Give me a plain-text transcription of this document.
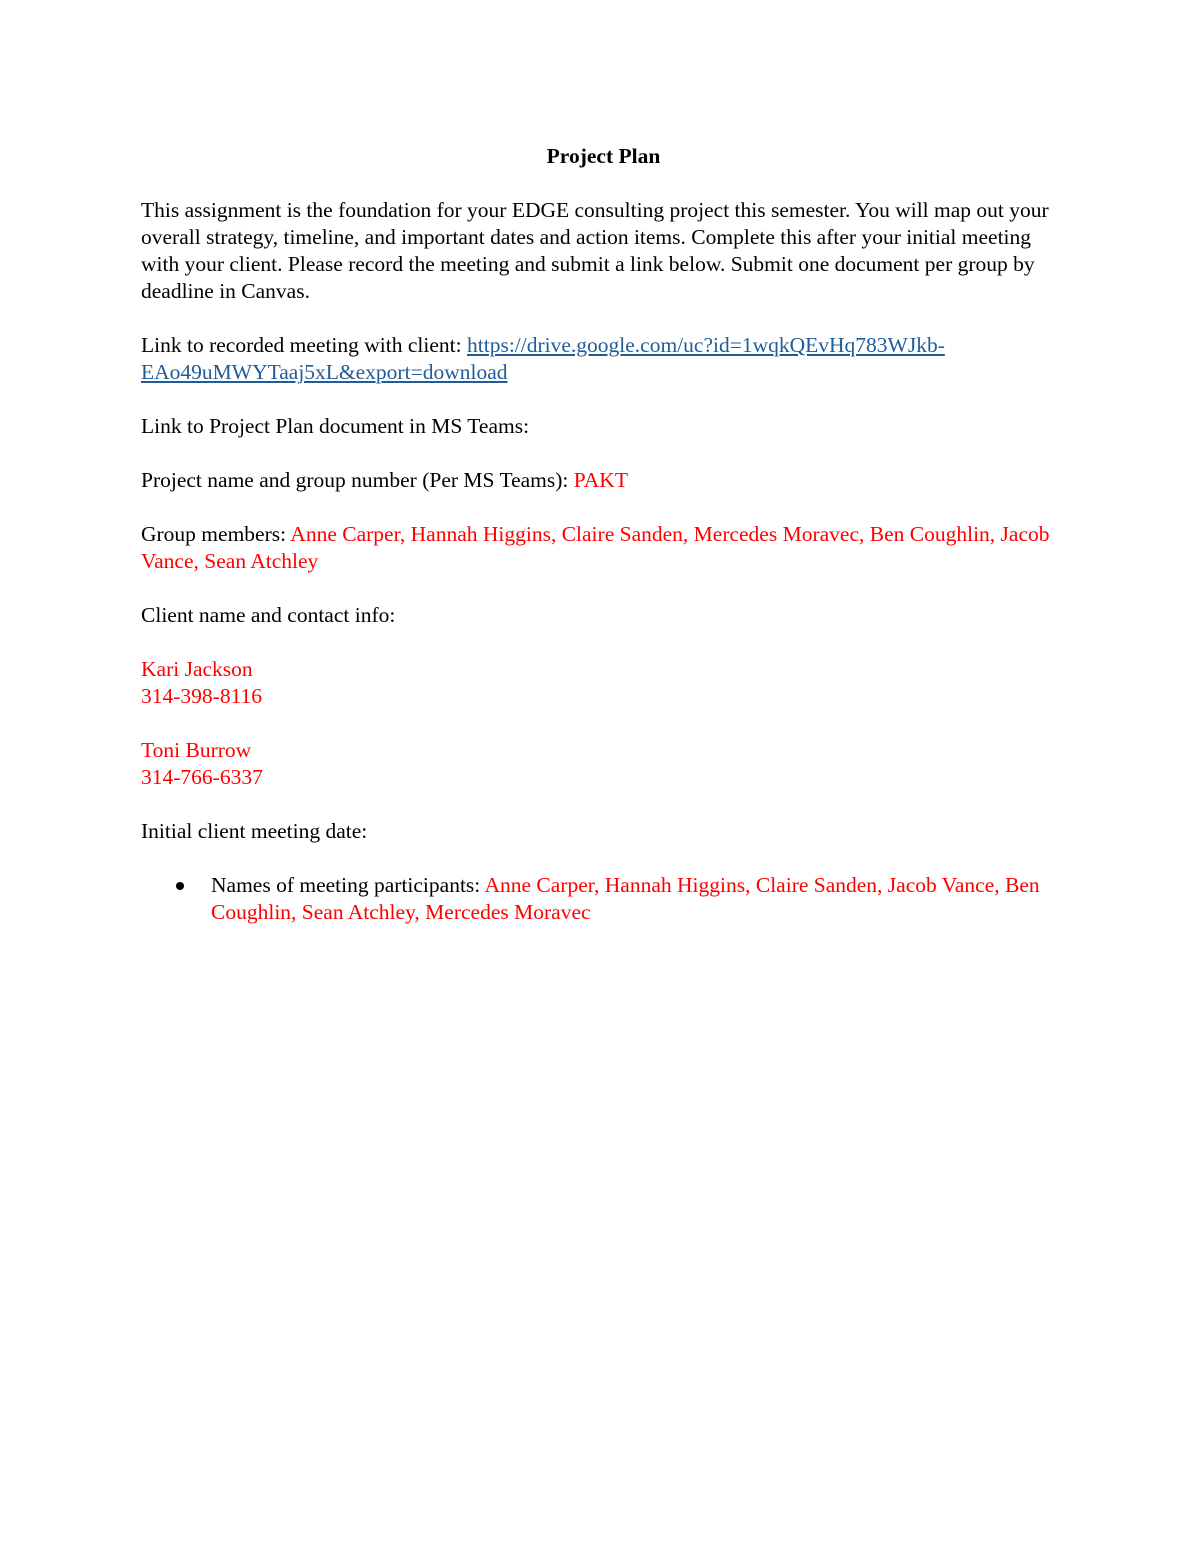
Project Plan

This assignment is the foundation for your EDGE consulting project this semester. You will map out your overall strategy, timeline, and important dates and action items. Complete this after your initial meeting with your client. Please record the meeting and submit a link below. Submit one document per group by deadline in Canvas.

Link to recorded meeting with client: https://drive.google.com/uc?id=1wqkQEvHq783WJkb-
EAo49uMWYTaaj5xL&export=download

Link to Project Plan document in MS Teams:

Project name and group number (Per MS Teams): PAKT

Group members: Anne Carper, Hannah Higgins, Claire Sanden, Mercedes Moravec, Ben Coughlin, Jacob Vance, Sean Atchley

Client name and contact info:

Kari Jackson
314-398-8116

Toni Burrow
314-766-6337

Initial client meeting date:

Names of meeting participants: Anne Carper, Hannah Higgins, Claire Sanden, Jacob Vance, Ben Coughlin, Sean Atchley, Mercedes Moravec
